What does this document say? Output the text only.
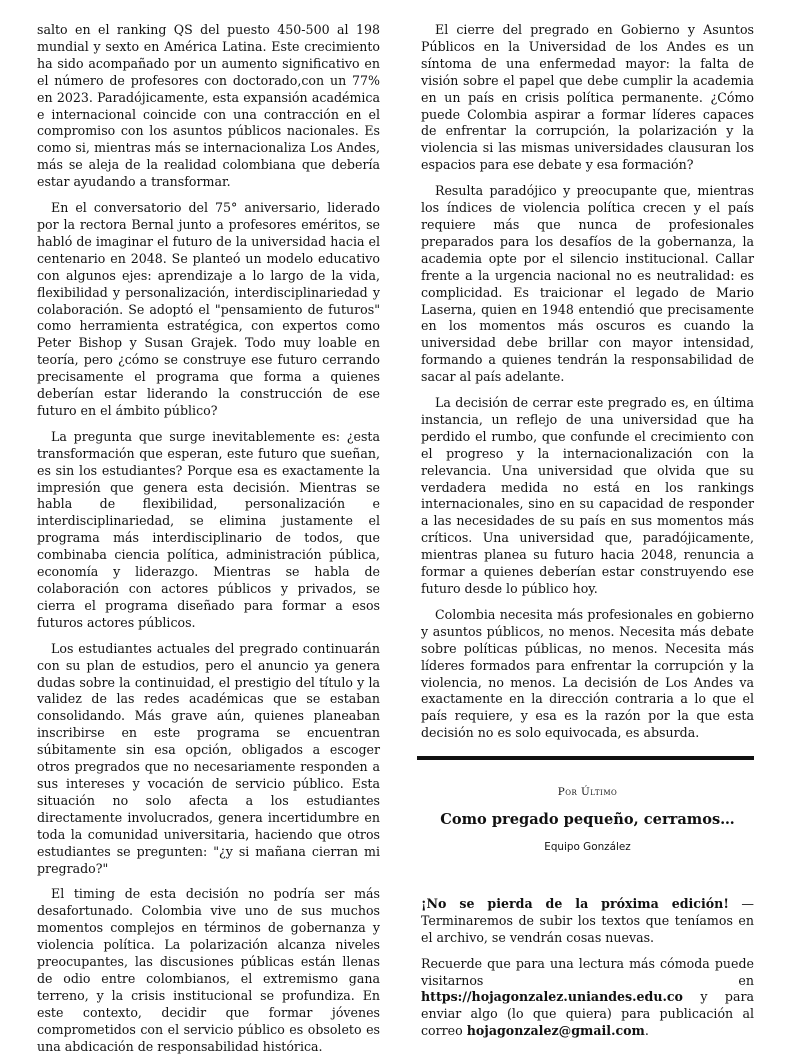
salto en el ranking QS del puesto 450-500 al 198 mundial y sexto en América Latina. Este crecimiento ha sido acompañado por un aumento significativo en el número de profesores con doctorado,con un 77% en 2023. Paradójicamente, esta expansión académica e internacional coincide con una contracción en el compromiso con los asuntos públicos nacionales. Es como si, mientras más se internacionaliza Los Andes, más se aleja de la realidad colombiana que debería estar ayudando a transformar.

En el conversatorio del 75° aniversario, liderado por la rectora Bernal junto a profesores eméritos, se habló de imaginar el futuro de la universidad hacia el centenario en 2048. Se planteó un modelo educativo con algunos ejes: aprendizaje a lo largo de la vida, flexibilidad y personalización, interdisciplinariedad y colaboración. Se adoptó el "pensamiento de futuros" como herramienta estratégica, con expertos como Peter Bishop y Susan Grajek. Todo muy loable en teoría, pero ¿cómo se construye ese futuro cerrando precisamente el programa que forma a quienes deberían estar liderando la construcción de ese futuro en el ámbito público?

La pregunta que surge inevitablemente es: ¿esta transformación que esperan, este futuro que sueñan, es sin los estudiantes? Porque esa es exactamente la impresión que genera esta decisión. Mientras se habla de flexibilidad, personalización e interdisciplinariedad, se elimina justamente el programa más interdisciplinario de todos, que combinaba ciencia política, administración pública, economía y liderazgo. Mientras se habla de colaboración con actores públicos y privados, se cierra el programa diseñado para formar a esos futuros actores públicos.

Los estudiantes actuales del pregrado continuarán con su plan de estudios, pero el anuncio ya genera dudas sobre la continuidad, el prestigio del título y la validez de las redes académicas que se estaban consolidando. Más grave aún, quienes planeaban inscribirse en este programa se encuentran súbitamente sin esa opción, obligados a escoger otros pregrados que no necesariamente responden a sus intereses y vocación de servicio público. Esta situación no solo afecta a los estudiantes directamente involucrados, genera incertidumbre en toda la comunidad universitaria, haciendo que otros estudiantes se pregunten: "¿y si mañana cierran mi pregrado?"

El timing de esta decisión no podría ser más desafortunado. Colombia vive uno de sus muchos momentos complejos en términos de gobernanza y violencia política. La polarización alcanza niveles preocupantes, las discusiones públicas están llenas de odio entre colombianos, el extremismo gana terreno, y la crisis institucional se profundiza. En este contexto, decidir que formar jóvenes comprometidos con el servicio público es obsoleto es una abdicación de responsabilidad histórica.

El cierre del pregrado en Gobierno y Asuntos Públicos en la Universidad de los Andes es un síntoma de una enfermedad mayor: la falta de visión sobre el papel que debe cumplir la academia en un país en crisis política permanente. ¿Cómo puede Colombia aspirar a formar líderes capaces de enfrentar la corrupción, la polarización y la violencia si las mismas universidades clausuran los espacios para ese debate y esa formación?

Resulta paradójico y preocupante que, mientras los índices de violencia política crecen y el país requiere más que nunca de profesionales preparados para los desafíos de la gobernanza, la academia opte por el silencio institucional. Callar frente a la urgencia nacional no es neutralidad: es complicidad. Es traicionar el legado de Mario Laserna, quien en 1948 entendió que precisamente en los momentos más oscuros es cuando la universidad debe brillar con mayor intensidad, formando a quienes tendrán la responsabilidad de sacar al país adelante.

La decisión de cerrar este pregrado es, en última instancia, un reflejo de una universidad que ha perdido el rumbo, que confunde el crecimiento con el progreso y la internacionalización con la relevancia. Una universidad que olvida que su verdadera medida no está en los rankings internacionales, sino en su capacidad de responder a las necesidades de su país en sus momentos más críticos. Una universidad que, paradójicamente, mientras planea su futuro hacia 2048, renuncia a formar a quienes deberían estar construyendo ese futuro desde lo público hoy.

Colombia necesita más profesionales en gobierno y asuntos públicos, no menos. Necesita más debate sobre políticas públicas, no menos. Necesita más líderes formados para enfrentar la corrupción y la violencia, no menos. La decisión de Los Andes va exactamente en la dirección contraria a lo que el país requiere, y esa es la razón por la que esta decisión no es solo equivocada, es absurda.

Por Último
Como pregado pequeño, cerramos…
Equipo González

¡No se pierda de la próxima edición! — Terminaremos de subir los textos que teníamos en el archivo, se vendrán cosas nuevas.

Recuerde que para una lectura más cómoda puede visitarnos en https://hojagonzalez.uniandes.edu.co y para enviar algo (lo que quiera) para publicación al correo hojagonzalez@gmail.com.
